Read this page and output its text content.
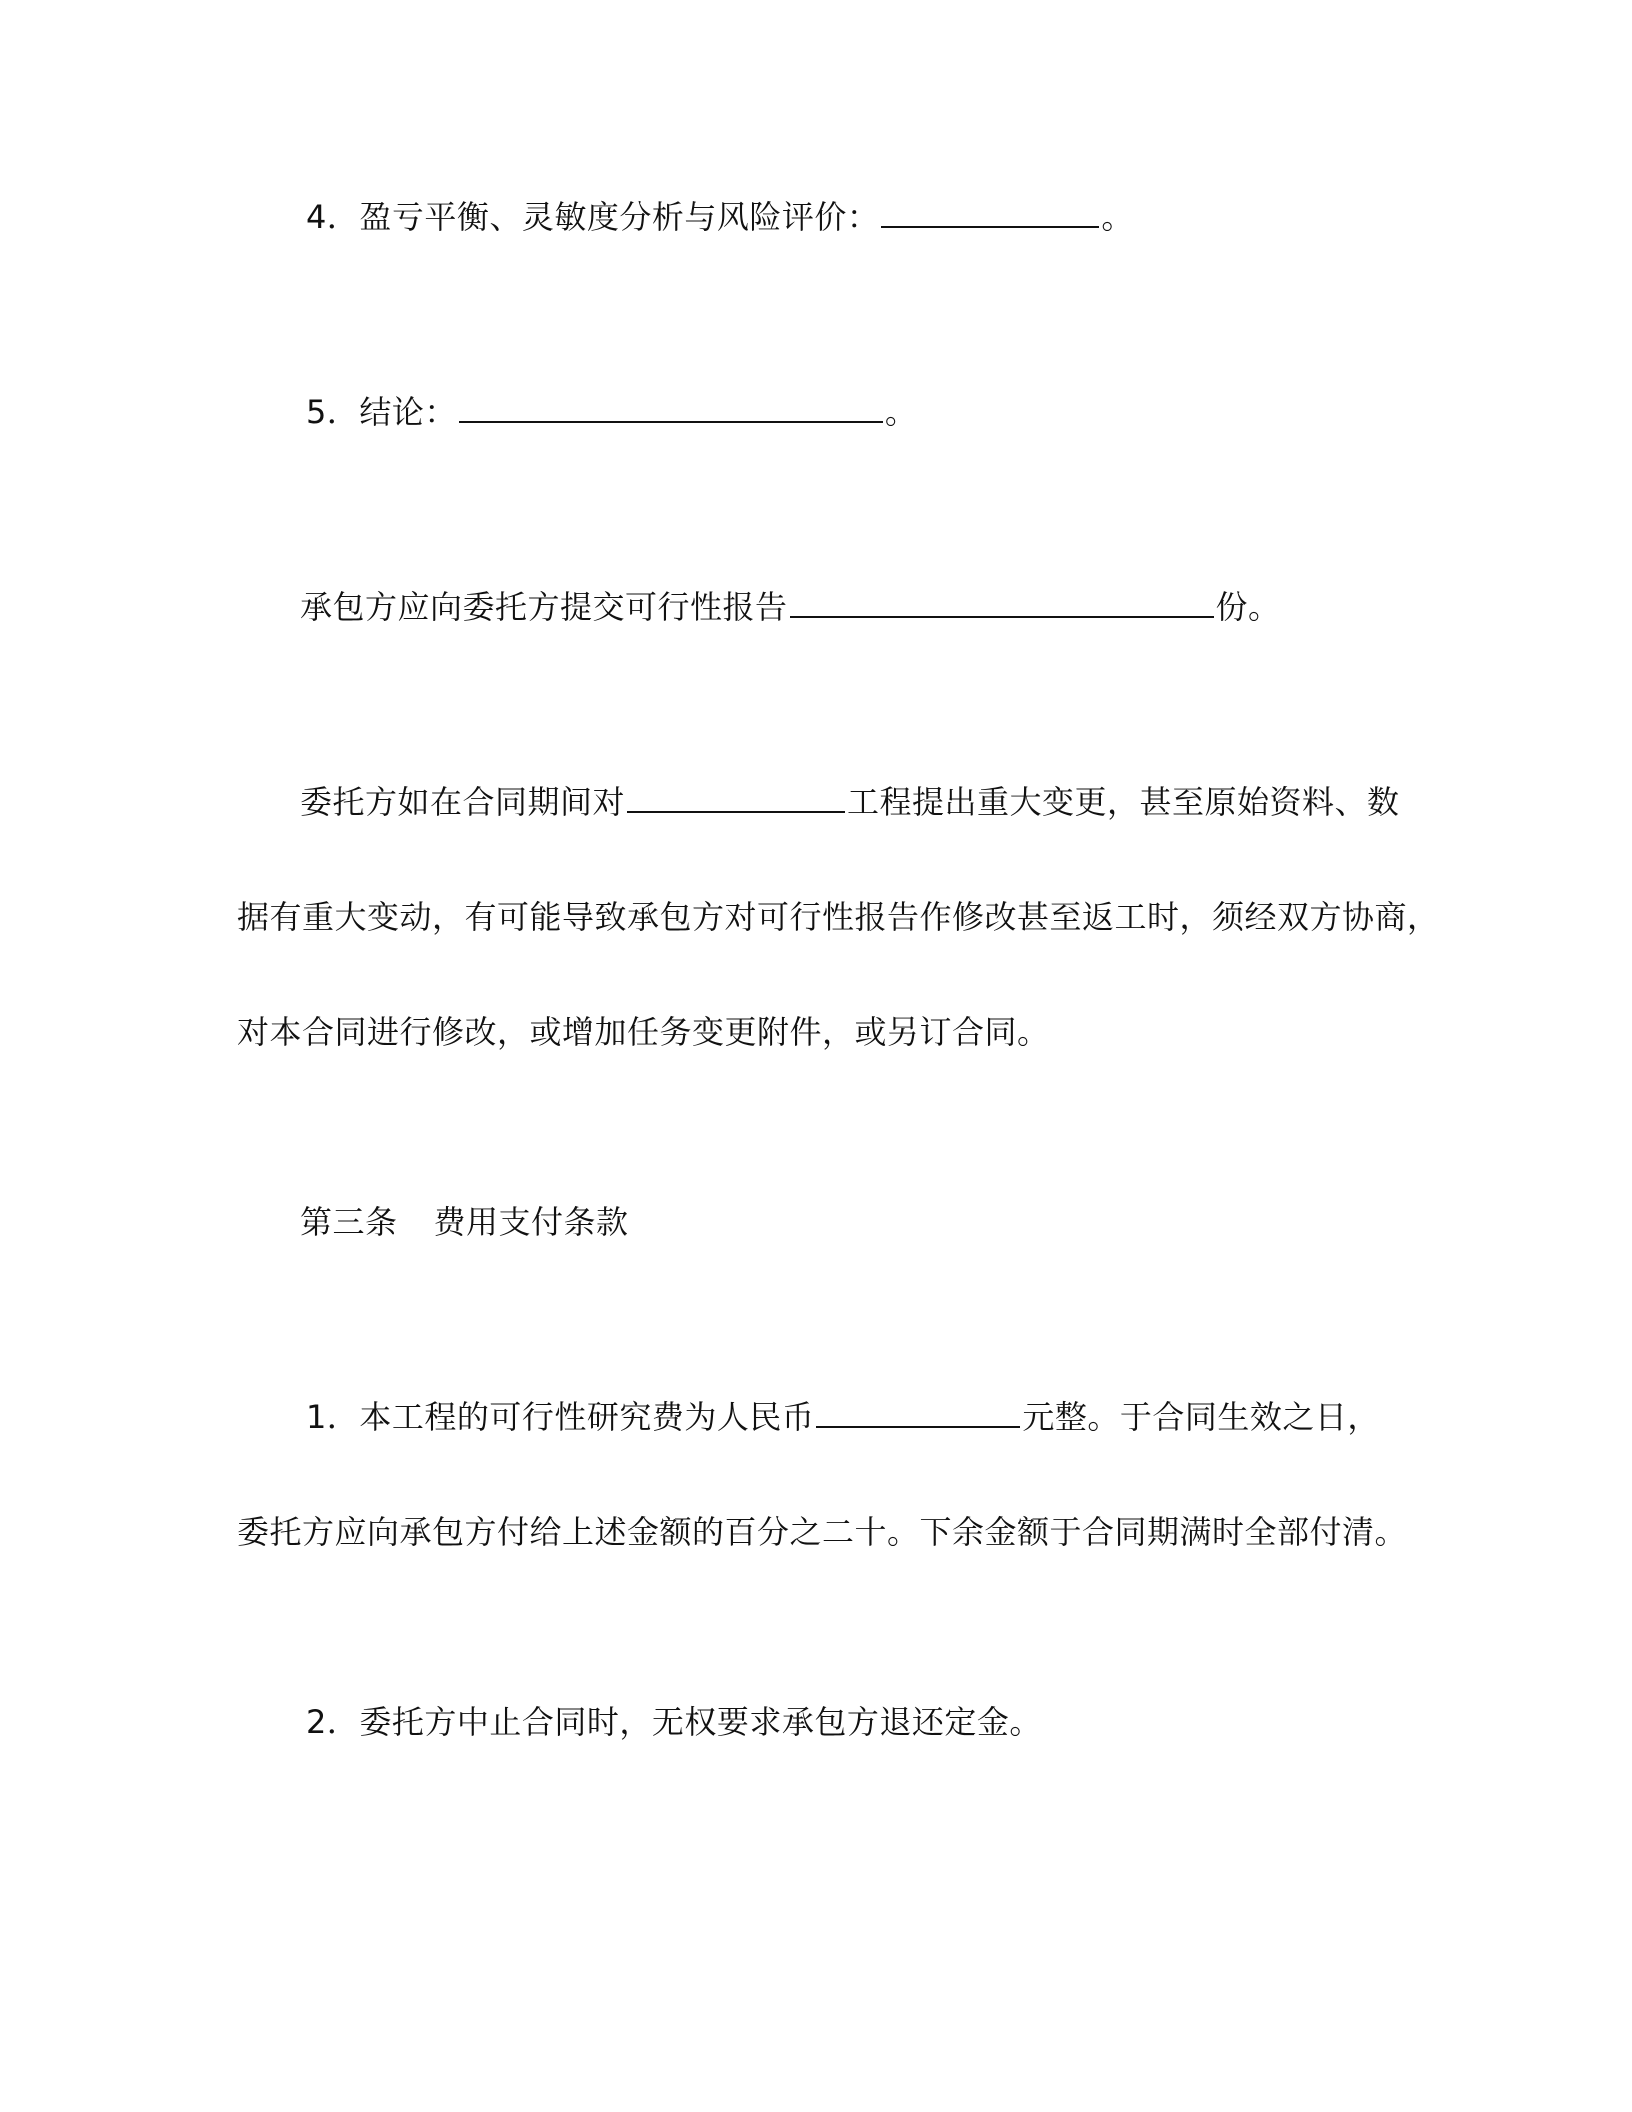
4．盈亏平衡、灵敏度分析与风险评价：	。
5．结论：	。
承包方应向委托方提交可行性报告	份。
委托方如在合同期间对	工程提出重大变更，甚至原始资料、数
据有重大变动，有可能导致承包方对可行性报告作修改甚至返工时，须经双方协商，
对本合同进行修改，或增加任务变更附件，或另订合同。
第三条 费用支付条款
1．本工程的可行性研究费为人民币	元整。于合同生效之日，
委托方应向承包方付给上述金额的百分之二十。下余金额于合同期满时全部付清。
2．委托方中止合同时，无权要求承包方退还定金。
